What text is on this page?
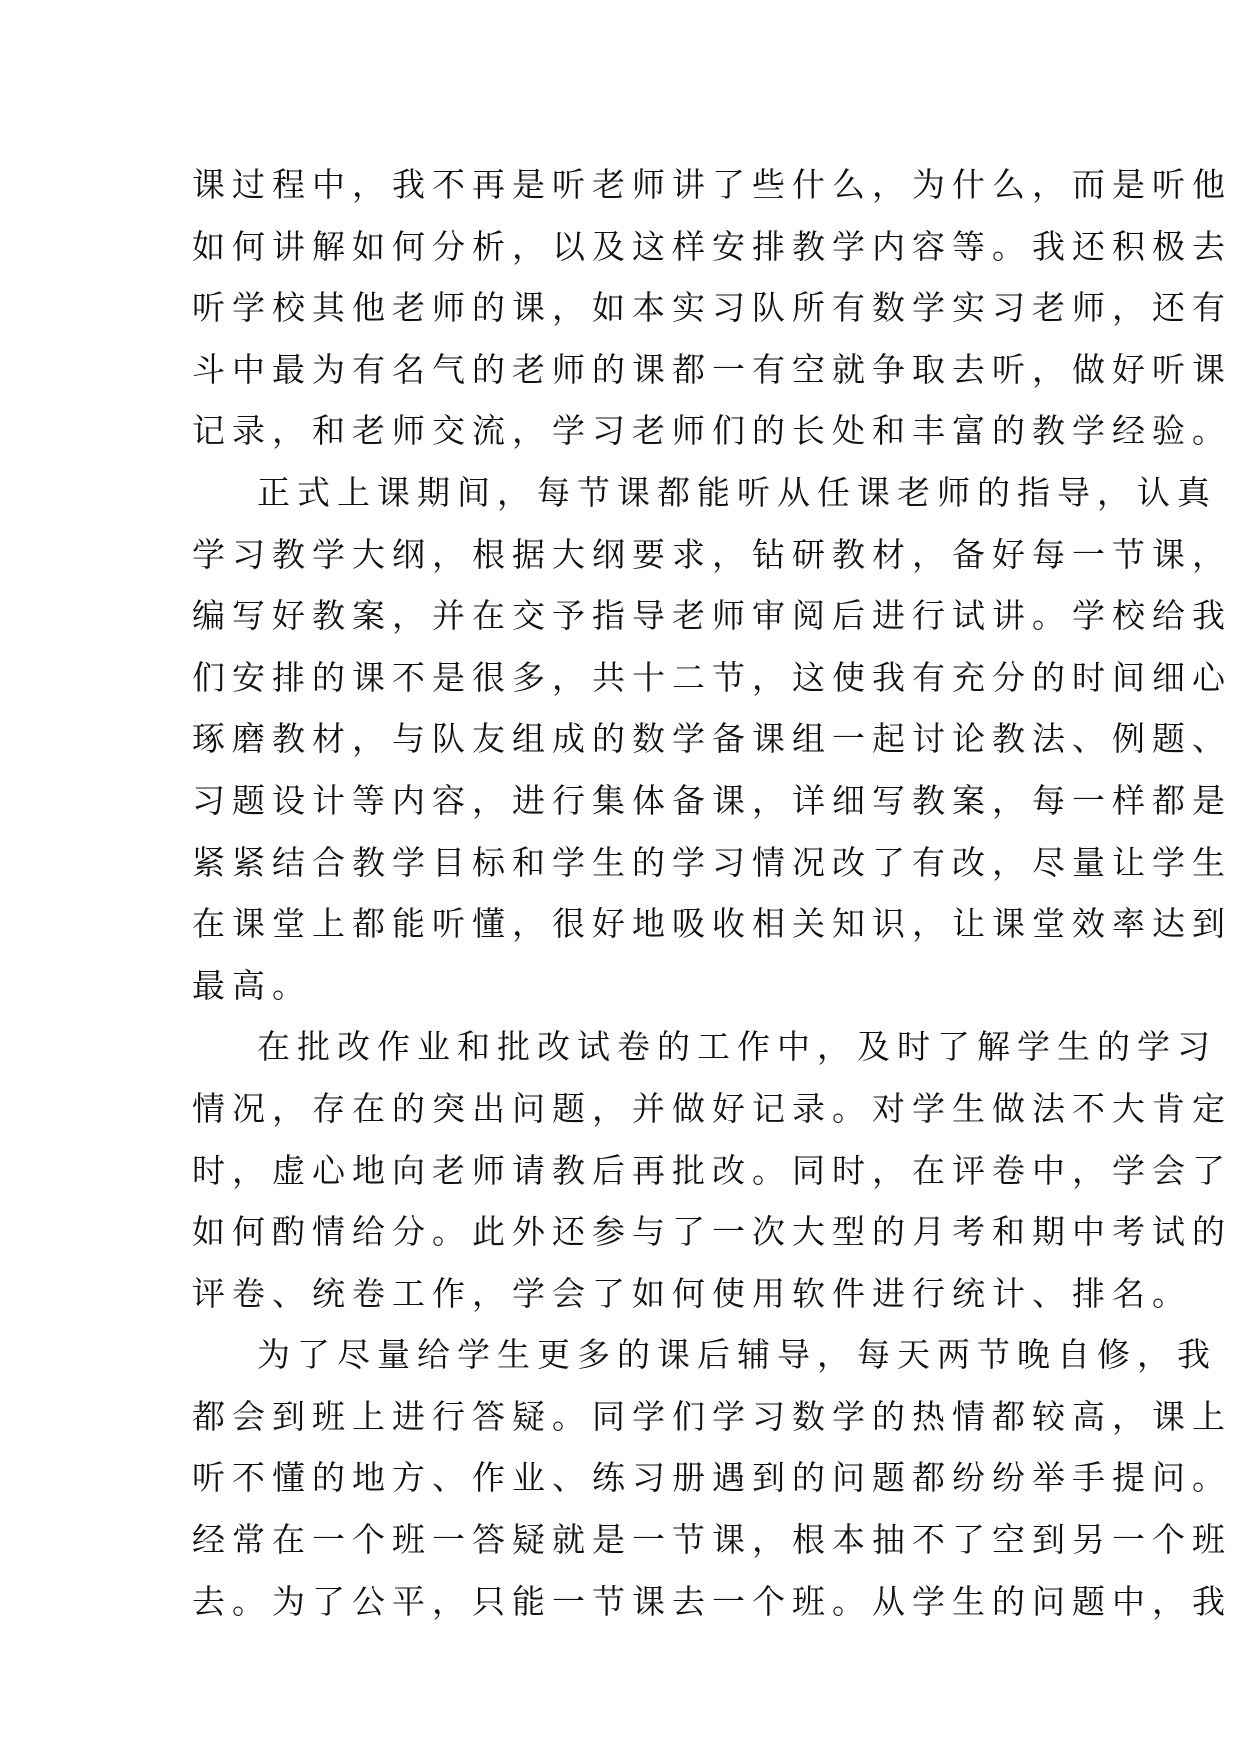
课过程中，我不再是听老师讲了些什么，为什么，而是听他
如何讲解如何分析，以及这样安排教学内容等。我还积极去
听学校其他老师的课，如本实习队所有数学实习老师，还有
斗中最为有名气的老师的课都一有空就争取去听，做好听课
记录，和老师交流，学习老师们的长处和丰富的教学经验。
正式上课期间，每节课都能听从任课老师的指导，认真
学习教学大纲，根据大纲要求，钻研教材，备好每一节课，
编写好教案，并在交予指导老师审阅后进行试讲。学校给我
们安排的课不是很多，共十二节，这使我有充分的时间细心
琢磨教材，与队友组成的数学备课组一起讨论教法、例题、
习题设计等内容，进行集体备课，详细写教案，每一样都是
紧紧结合教学目标和学生的学习情况改了有改，尽量让学生
在课堂上都能听懂，很好地吸收相关知识，让课堂效率达到
最高。
在批改作业和批改试卷的工作中，及时了解学生的学习
情况，存在的突出问题，并做好记录。对学生做法不大肯定
时，虚心地向老师请教后再批改。同时，在评卷中，学会了
如何酌情给分。此外还参与了一次大型的月考和期中考试的
评卷、统卷工作，学会了如何使用软件进行统计、排名。
为了尽量给学生更多的课后辅导，每天两节晚自修，我
都会到班上进行答疑。同学们学习数学的热情都较高，课上
听不懂的地方、作业、练习册遇到的问题都纷纷举手提问。
经常在一个班一答疑就是一节课，根本抽不了空到另一个班
去。为了公平，只能一节课去一个班。从学生的问题中，我
